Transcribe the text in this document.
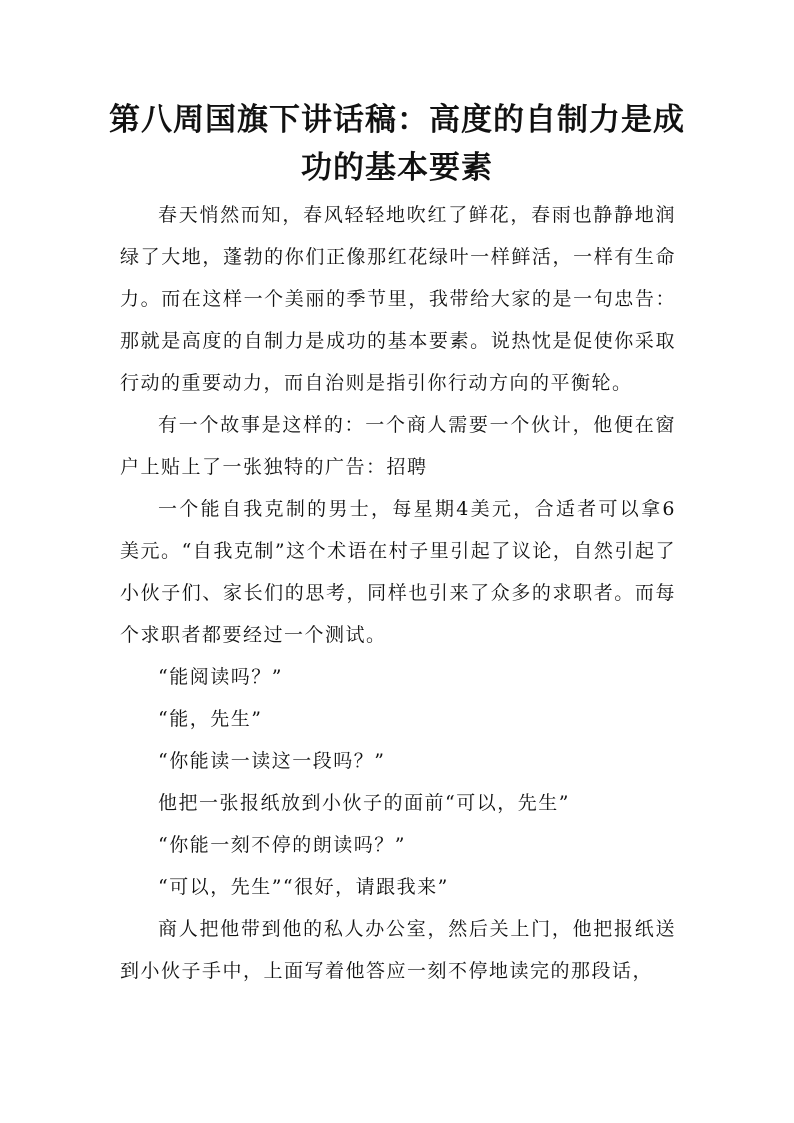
第八周国旗下讲话稿：高度的自制力是成功的基本要素

春天悄然而知，春风轻轻地吹红了鲜花，春雨也静静地润绿了大地，蓬勃的你们正像那红花绿叶一样鲜活，一样有生命力。而在这样一个美丽的季节里，我带给大家的是一句忠告：那就是高度的自制力是成功的基本要素。说热忱是促使你采取行动的重要动力，而自治则是指引你行动方向的平衡轮。

有一个故事是这样的：一个商人需要一个伙计，他便在窗户上贴上了一张独特的广告：招聘

一个能自我克制的男士，每星期4美元，合适者可以拿6美元。“自我克制”这个术语在村子里引起了议论，自然引起了小伙子们、家长们的思考，同样也引来了众多的求职者。而每个求职者都要经过一个测试。

“能阅读吗？”

“能，先生”

“你能读一读这一段吗？”

他把一张报纸放到小伙子的面前“可以，先生”

“你能一刻不停的朗读吗？”

“可以，先生”“很好，请跟我来”

商人把他带到他的私人办公室，然后关上门，他把报纸送到小伙子手中，上面写着他答应一刻不停地读完的那段话，
